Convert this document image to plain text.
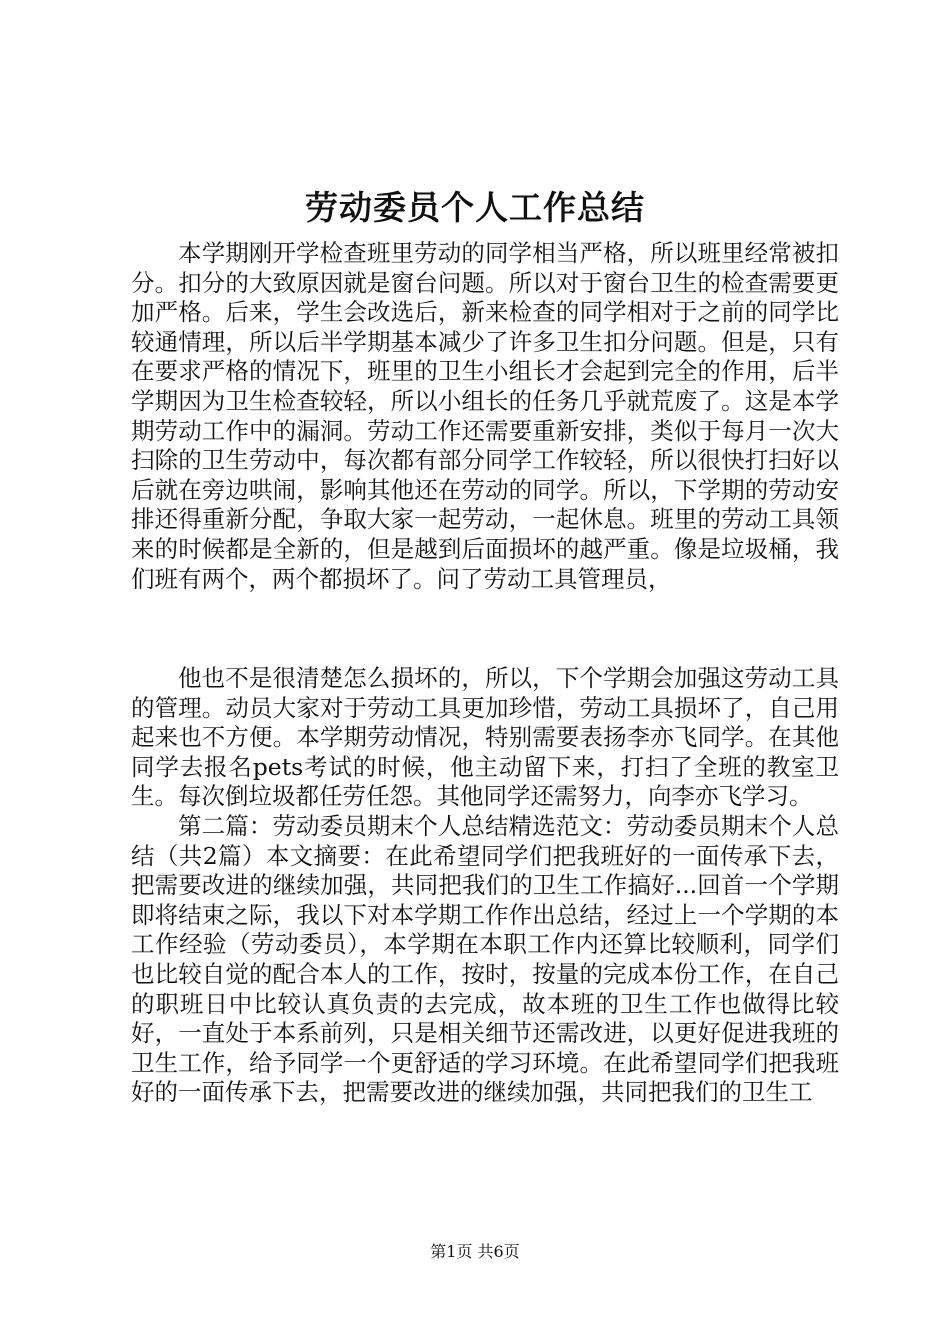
劳动委员个人工作总结

本学期刚开学检查班里劳动的同学相当严格，所以班里经常被扣分。扣分的大致原因就是窗台问题。所以对于窗台卫生的检查需要更加严格。后来，学生会改选后，新来检查的同学相对于之前的同学比较通情理，所以后半学期基本减少了许多卫生扣分问题。但是，只有在要求严格的情况下，班里的卫生小组长才会起到完全的作用，后半学期因为卫生检查较轻，所以小组长的任务几乎就荒废了。这是本学期劳动工作中的漏洞。劳动工作还需要重新安排，类似于每月一次大扫除的卫生劳动中，每次都有部分同学工作较轻，所以很快打扫好以后就在旁边哄闹，影响其他还在劳动的同学。所以，下学期的劳动安排还得重新分配，争取大家一起劳动，一起休息。班里的劳动工具领来的时候都是全新的，但是越到后面损坏的越严重。像是垃圾桶，我们班有两个，两个都损坏了。问了劳动工具管理员，

他也不是很清楚怎么损坏的，所以，下个学期会加强这劳动工具的管理。动员大家对于劳动工具更加珍惜，劳动工具损坏了，自己用起来也不方便。本学期劳动情况，特别需要表扬李亦飞同学。在其他同学去报名pets考试的时候，他主动留下来，打扫了全班的教室卫生。每次倒垃圾都任劳任怨。其他同学还需努力，向李亦飞学习。

第二篇：劳动委员期末个人总结精选范文：劳动委员期末个人总结（共2篇）本文摘要：在此希望同学们把我班好的一面传承下去，把需要改进的继续加强，共同把我们的卫生工作搞好...回首一个学期即将结束之际，我以下对本学期工作作出总结，经过上一个学期的本工作经验（劳动委员），本学期在本职工作内还算比较顺利，同学们也比较自觉的配合本人的工作，按时，按量的完成本份工作，在自己的职班日中比较认真负责的去完成，故本班的卫生工作也做得比较好，一直处于本系前列，只是相关细节还需改进，以更好促进我班的卫生工作，给予同学一个更舒适的学习环境。在此希望同学们把我班好的一面传承下去，把需要改进的继续加强，共同把我们的卫生工

第1页 共6页
